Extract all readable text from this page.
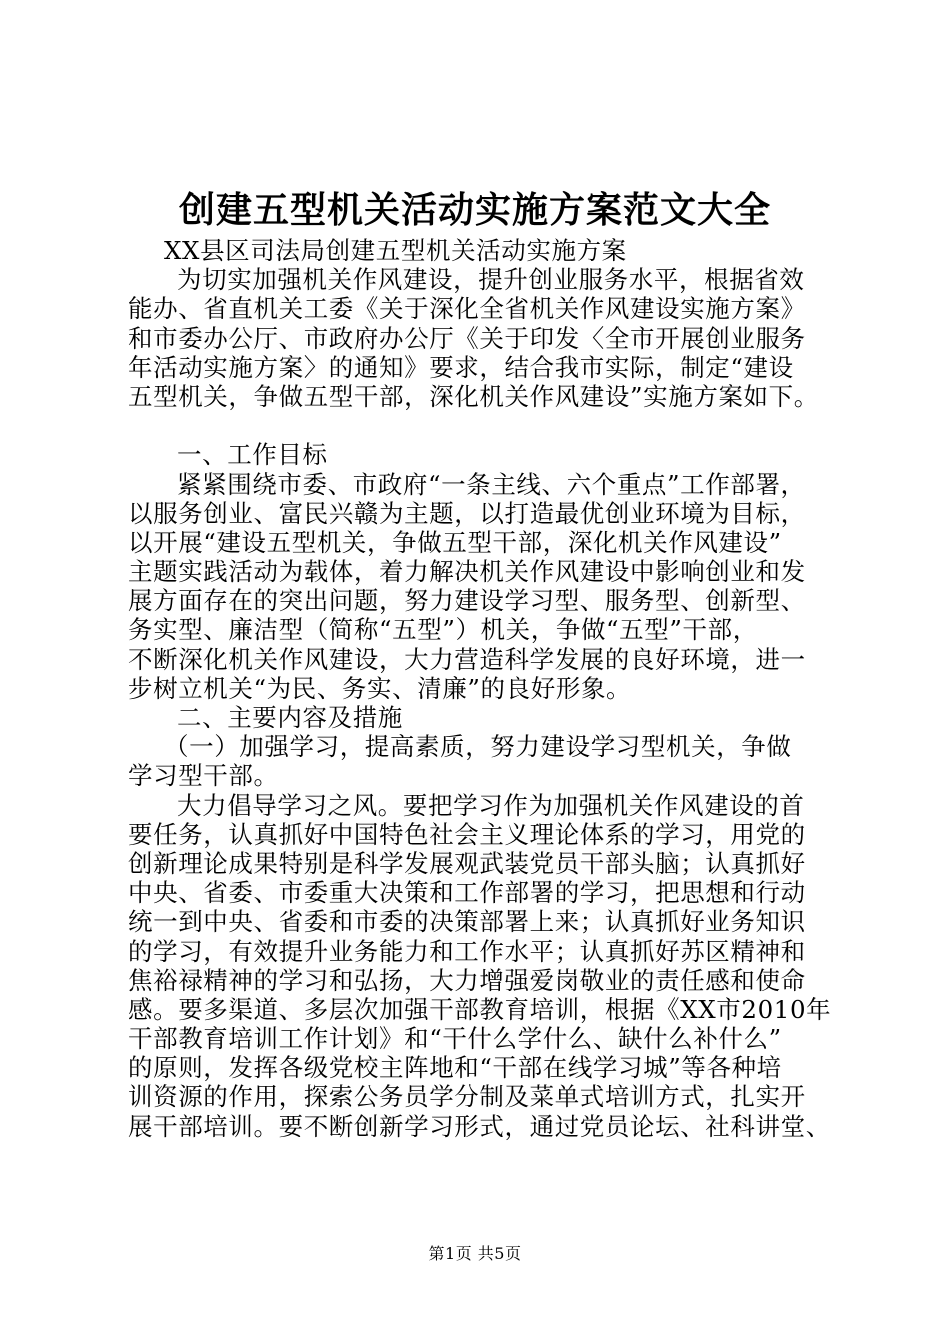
创建五型机关活动实施方案范文大全
XX县区司法局创建五型机关活动实施方案
为切实加强机关作风建设，提升创业服务水平，根据省效
能办、省直机关工委《关于深化全省机关作风建设实施方案》
和市委办公厅、市政府办公厅《关于印发〈全市开展创业服务
年活动实施方案〉的通知》要求，结合我市实际，制定“建设
五型机关，争做五型干部，深化机关作风建设”实施方案如下。
一、工作目标
紧紧围绕市委、市政府“一条主线、六个重点”工作部署，
以服务创业、富民兴赣为主题，以打造最优创业环境为目标，
以开展“建设五型机关，争做五型干部，深化机关作风建设”
主题实践活动为载体，着力解决机关作风建设中影响创业和发
展方面存在的突出问题，努力建设学习型、服务型、创新型、
务实型、廉洁型（简称“五型”）机关，争做“五型”干部，
不断深化机关作风建设，大力营造科学发展的良好环境，进一
步树立机关“为民、务实、清廉”的良好形象。
二、主要内容及措施
（一）加强学习，提高素质，努力建设学习型机关，争做
学习型干部。
大力倡导学习之风。要把学习作为加强机关作风建设的首
要任务，认真抓好中国特色社会主义理论体系的学习，用党的
创新理论成果特别是科学发展观武装党员干部头脑；认真抓好
中央、省委、市委重大决策和工作部署的学习，把思想和行动
统一到中央、省委和市委的决策部署上来；认真抓好业务知识
的学习，有效提升业务能力和工作水平；认真抓好苏区精神和
焦裕禄精神的学习和弘扬，大力增强爱岗敬业的责任感和使命
感。要多渠道、多层次加强干部教育培训，根据《XX市2010年
干部教育培训工作计划》和“干什么学什么、缺什么补什么”
的原则，发挥各级党校主阵地和“干部在线学习城”等各种培
训资源的作用，探索公务员学分制及菜单式培训方式，扎实开
展干部培训。要不断创新学习形式，通过党员论坛、社科讲堂、
第1页 共5页
